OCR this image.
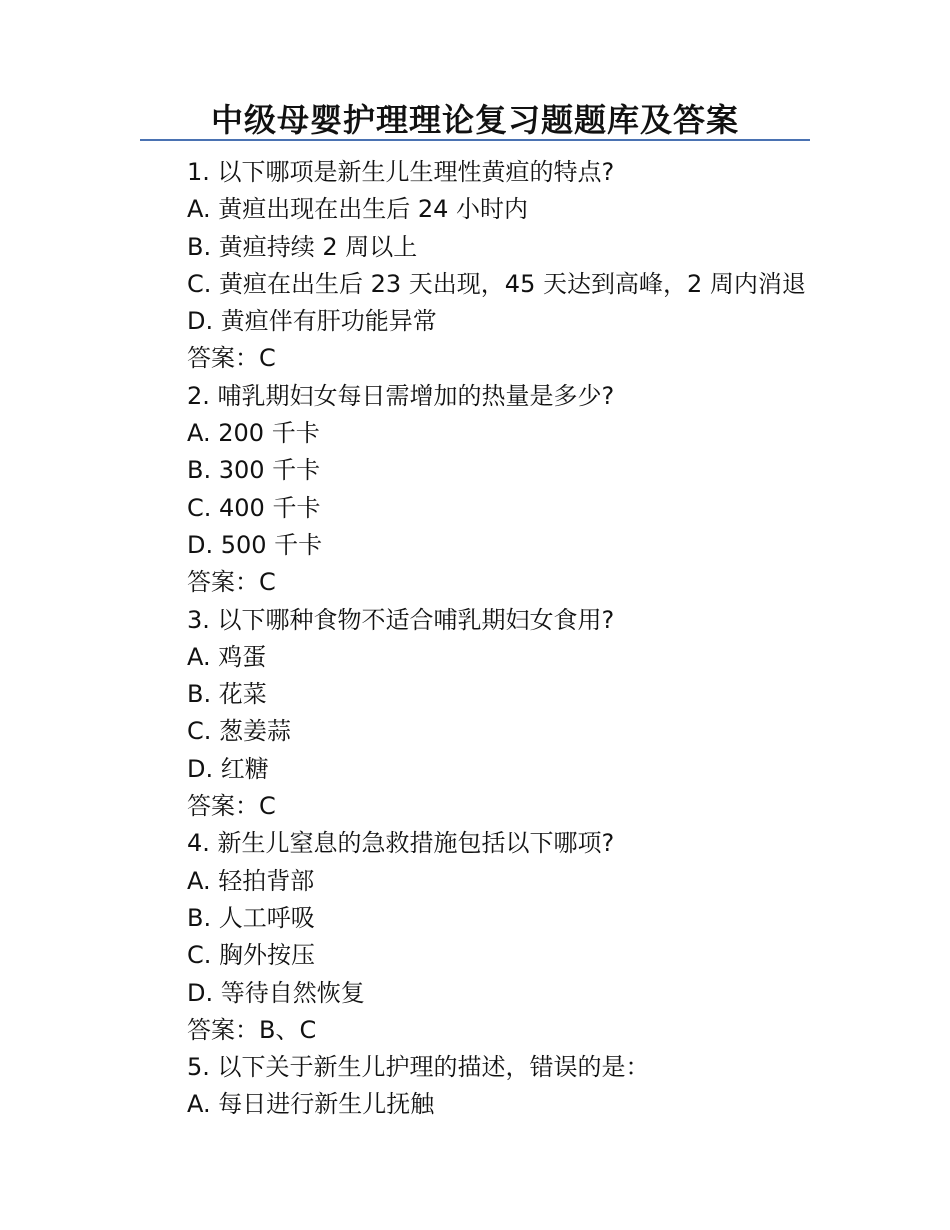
中级母婴护理理论复习题题库及答案
1. 以下哪项是新生儿生理性黄疸的特点?
A. 黄疸出现在出生后 24 小时内
B. 黄疸持续 2 周以上
C. 黄疸在出生后 23 天出现，45 天达到高峰，2 周内消退
D. 黄疸伴有肝功能异常
答案：C
2. 哺乳期妇女每日需增加的热量是多少?
A. 200 千卡
B. 300 千卡
C. 400 千卡
D. 500 千卡
答案：C
3. 以下哪种食物不适合哺乳期妇女食用?
A. 鸡蛋
B. 花菜
C. 葱姜蒜
D. 红糖
答案：C
4. 新生儿窒息的急救措施包括以下哪项?
A. 轻拍背部
B. 人工呼吸
C. 胸外按压
D. 等待自然恢复
答案：B、C
5. 以下关于新生儿护理的描述，错误的是：
A. 每日进行新生儿抚触
